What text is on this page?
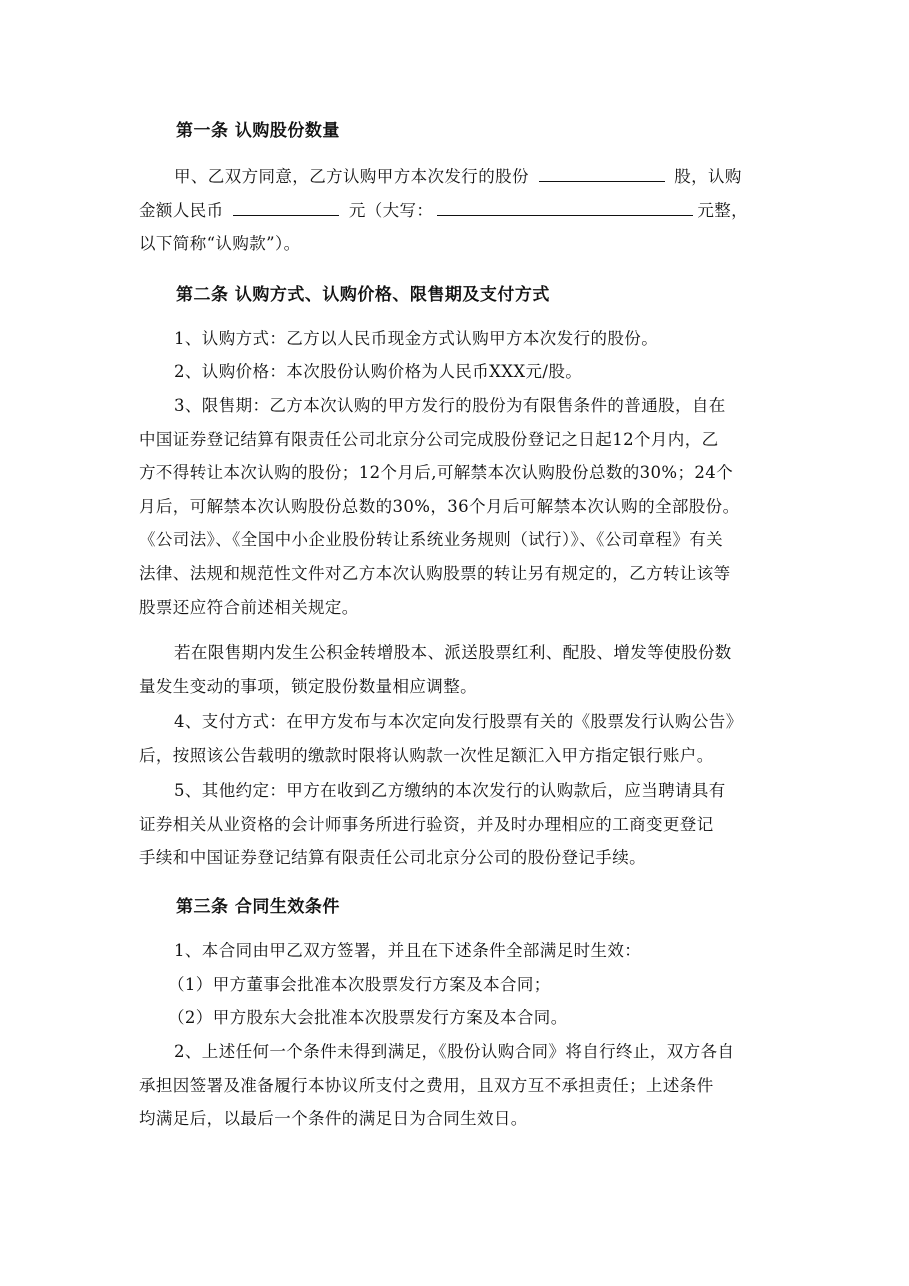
第一条 认购股份数量
甲、乙双方同意，乙方认购甲方本次发行的股份	股，认购
金额人民币	元（大写：	元整，
以下简称“认购款”）。
第二条 认购方式、认购价格、限售期及支付方式
1、认购方式：乙方以人民币现金方式认购甲方本次发行的股份。
2、认购价格：本次股份认购价格为人民币XXX元/股。
3、限售期：乙方本次认购的甲方发行的股份为有限售条件的普通股，自在
中国证券登记结算有限责任公司北京分公司完成股份登记之日起12个月内，乙
方不得转让本次认购的股份；12个月后,可解禁本次认购股份总数的30%；24个
月后，可解禁本次认购股份总数的30%，36个月后可解禁本次认购的全部股份。
《公司法》、《全国中小企业股份转让系统业务规则（试行）》、《公司章程》有关
法律、法规和规范性文件对乙方本次认购股票的转让另有规定的，乙方转让该等
股票还应符合前述相关规定。
若在限售期内发生公积金转增股本、派送股票红利、配股、增发等使股份数
量发生变动的事项，锁定股份数量相应调整。
4、支付方式：在甲方发布与本次定向发行股票有关的《股票发行认购公告》
后，按照该公告载明的缴款时限将认购款一次性足额汇入甲方指定银行账户。
5、其他约定：甲方在收到乙方缴纳的本次发行的认购款后，应当聘请具有
证券相关从业资格的会计师事务所进行验资，并及时办理相应的工商变更登记
手续和中国证券登记结算有限责任公司北京分公司的股份登记手续。
第三条 合同生效条件
1、本合同由甲乙双方签署，并且在下述条件全部满足时生效：
（1）甲方董事会批准本次股票发行方案及本合同；
（2）甲方股东大会批准本次股票发行方案及本合同。
2、上述任何一个条件未得到满足，《股份认购合同》将自行终止，双方各自
承担因签署及准备履行本协议所支付之费用，且双方互不承担责任；上述条件
均满足后，以最后一个条件的满足日为合同生效日。
